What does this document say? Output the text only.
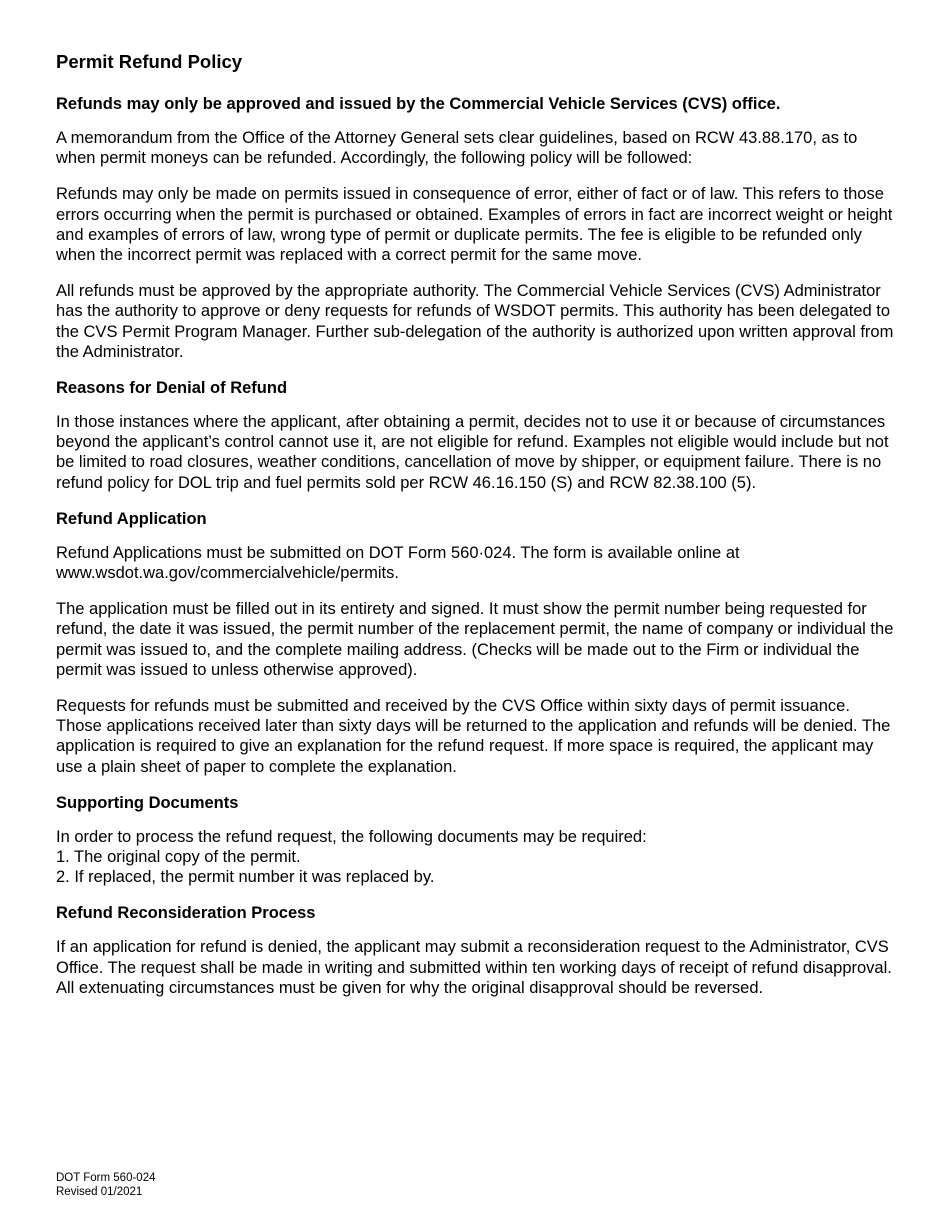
Permit Refund Policy
Refunds may only be approved and issued by the Commercial Vehicle Services (CVS) office.

A memorandum from the Office of the Attorney General sets clear guidelines, based on RCW 43.88.170, as to when permit moneys can be refunded. Accordingly, the following policy will be followed:

Refunds may only be made on permits issued in consequence of error, either of fact or of law. This refers to those errors occurring when the permit is purchased or obtained. Examples of errors in fact are incorrect weight or height and examples of errors of law, wrong type of permit or duplicate permits. The fee is eligible to be refunded only when the incorrect permit was replaced with a correct permit for the same move.

All refunds must be approved by the appropriate authority. The Commercial Vehicle Services (CVS) Administrator has the authority to approve or deny requests for refunds of WSDOT permits. This authority has been delegated to the CVS Permit Program Manager. Further sub-delegation of the authority is authorized upon written approval from the Administrator.

Reasons for Denial of Refund

In those instances where the applicant, after obtaining a permit, decides not to use it or because of circumstances beyond the applicant’s control cannot use it, are not eligible for refund. Examples not eligible would include but not be limited to road closures, weather conditions, cancellation of move by shipper, or equipment failure. There is no refund policy for DOL trip and fuel permits sold per RCW 46.16.150 (S) and RCW 82.38.100 (5).

Refund Application

Refund Applications must be submitted on DOT Form 560·024. The form is available online at www.wsdot.wa.gov/commercialvehicle/permits.

The application must be filled out in its entirety and signed. It must show the permit number being requested for refund, the date it was issued, the permit number of the replacement permit, the name of company or individual the permit was issued to, and the complete mailing address. (Checks will be made out to the Firm or individual the permit was issued to unless otherwise approved).

Requests for refunds must be submitted and received by the CVS Office within sixty days of permit issuance. Those applications received later than sixty days will be returned to the application and refunds will be denied. The application is required to give an explanation for the refund request. If more space is required, the applicant may use a plain sheet of paper to complete the explanation.

Supporting Documents

In order to process the refund request, the following documents may be required:

1. The original copy of the permit.
2. If replaced, the permit number it was replaced by.
Refund Reconsideration Process

If an application for refund is denied, the applicant may submit a reconsideration request to the Administrator, CVS Office. The request shall be made in writing and submitted within ten working days of receipt of refund disapproval. All extenuating circumstances must be given for why the original disapproval should be reversed.

DOT Form 560-024
Revised 01/2021
